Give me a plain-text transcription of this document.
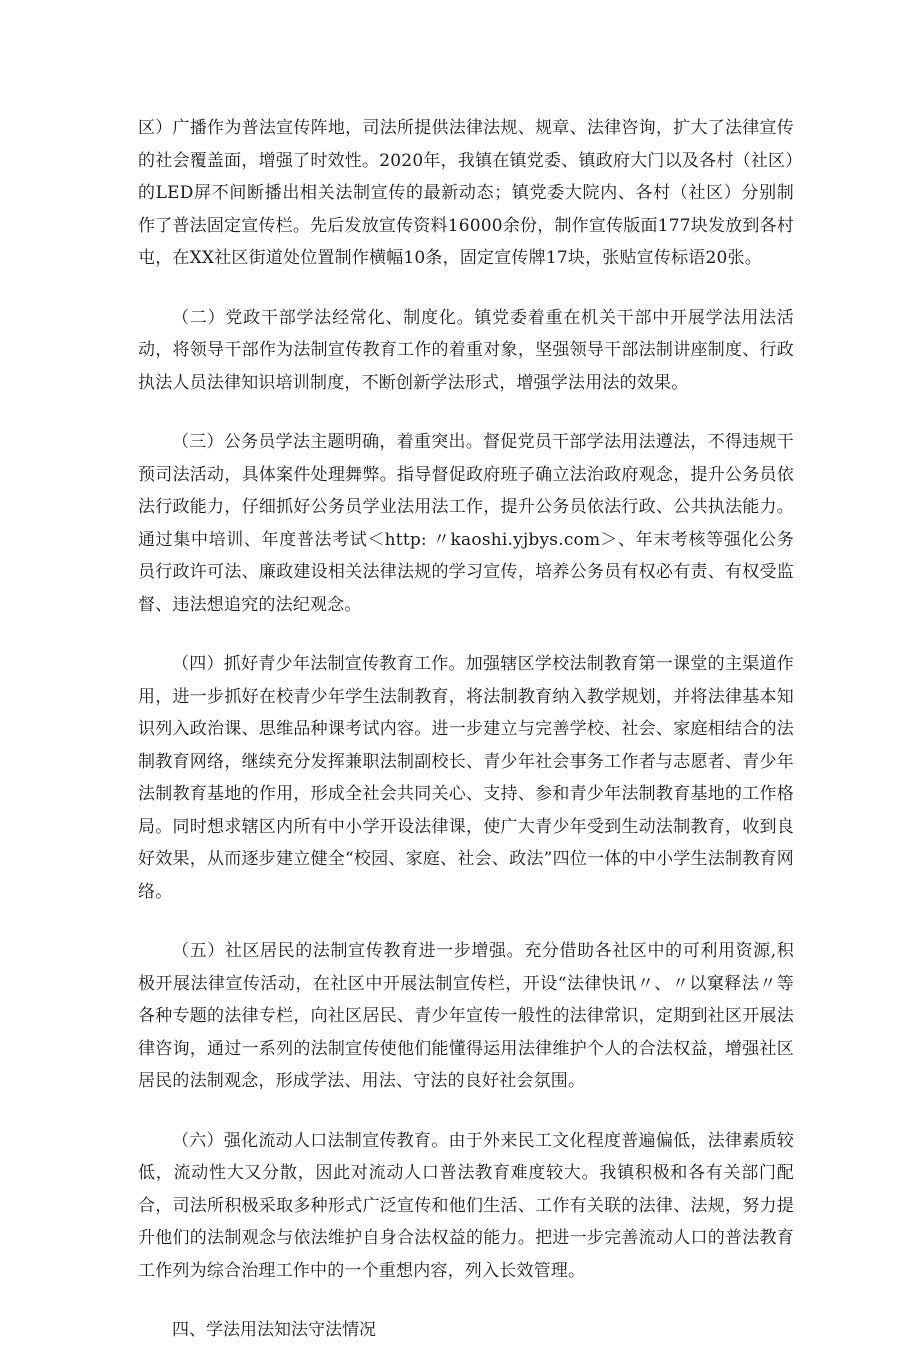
区）广播作为普法宣传阵地，司法所提供法律法规、规章、法律咨询，扩大了法律宣传的社会覆盖面，增强了时效性。2020年，我镇在镇党委、镇政府大门以及各村（社区）的LED屏不间断播出相关法制宣传的最新动态；镇党委大院内、各村（社区）分别制作了普法固定宣传栏。先后发放宣传资料16000余份，制作宣传版面177块发放到各村屯，在XX社区街道处位置制作横幅10条，固定宣传牌17块，张贴宣传标语20张。

（二）党政干部学法经常化、制度化。镇党委着重在机关干部中开展学法用法活动，将领导干部作为法制宣传教育工作的着重对象，坚强领导干部法制讲座制度、行政执法人员法律知识培训制度，不断创新学法形式，增强学法用法的效果。

（三）公务员学法主题明确，着重突出。督促党员干部学法用法遵法，不得违规干预司法活动，具体案件处理舞弊。指导督促政府班子确立法治政府观念，提升公务员依法行政能力，仔细抓好公务员学业法用法工作，提升公务员依法行政、公共执法能力。通过集中培训、年度普法考试＜http: 〃kaoshi.yjbys.com＞、年末考核等强化公务员行政许可法、廉政建设相关法律法规的学习宣传，培养公务员有权必有责、有权受监督、违法想追究的法纪观念。

（四）抓好青少年法制宣传教育工作。加强辖区学校法制教育第一课堂的主渠道作用，进一步抓好在校青少年学生法制教育，将法制教育纳入教学规划，并将法律基本知识列入政治课、思维品种课考试内容。进一步建立与完善学校、社会、家庭相结合的法制教育网络，继续充分发挥兼职法制副校长、青少年社会事务工作者与志愿者、青少年法制教育基地的作用，形成全社会共同关心、支持、参和青少年法制教育基地的工作格局。同时想求辖区内所有中小学开设法律课，使广大青少年受到生动法制教育，收到良好效果，从而逐步建立健全“校园、家庭、社会、政法”四位一体的中小学生法制教育网络。

（五）社区居民的法制宣传教育进一步增强。充分借助各社区中的可利用资源,积极开展法律宣传活动，在社区中开展法制宣传栏，开设“法律快讯〃、〃以窠释法〃等各种专题的法律专栏，向社区居民、青少年宣传一般性的法律常识，定期到社区开展法律咨询，通过一系列的法制宣传使他们能懂得运用法律维护个人的合法权益，增强社区居民的法制观念，形成学法、用法、守法的良好社会氛围。

（六）强化流动人口法制宣传教育。由于外来民工文化程度普遍偏低，法律素质较低，流动性大又分散，因此对流动人口普法教育难度较大。我镇积极和各有关部门配合，司法所积极采取多种形式广泛宣传和他们生活、工作有关联的法律、法规，努力提升他们的法制观念与依法维护自身合法权益的能力。把进一步完善流动人口的普法教育工作列为综合治理工作中的一个重想内容，列入长效管理。

四、学法用法知法守法情况
